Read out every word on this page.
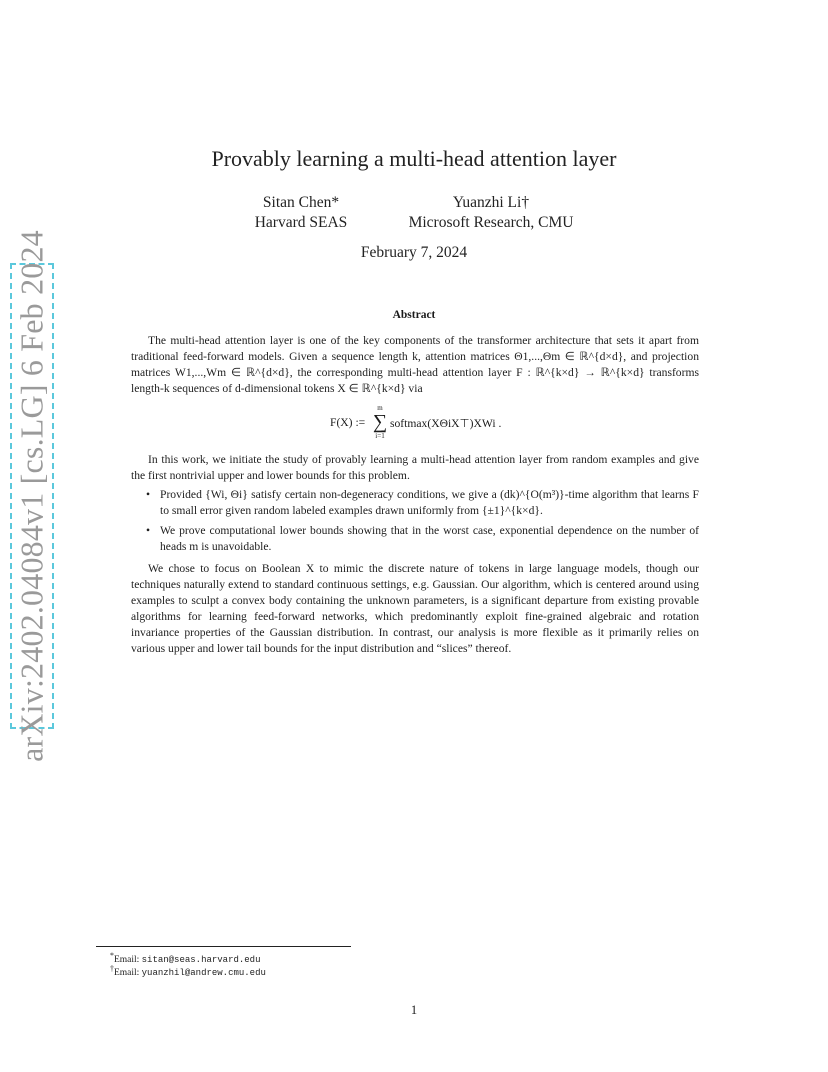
arXiv:2402.04084v1 [cs.LG] 6 Feb 2024
Provably learning a multi-head attention layer
Sitan Chen*
Harvard SEAS
Yuanzhi Li†
Microsoft Research, CMU
February 7, 2024
Abstract
The multi-head attention layer is one of the key components of the transformer architecture that sets it apart from traditional feed-forward models. Given a sequence length k, attention matrices Θ1,...,Θm ∈ ℝ^{d×d}, and projection matrices W1,...,Wm ∈ ℝ^{d×d}, the corresponding multi-head attention layer F : ℝ^{k×d} → ℝ^{k×d} transforms length-k sequences of d-dimensional tokens X ∈ ℝ^{k×d} via
F(X) :=
m
∑
i=1
softmax(XΘiX⊤)XWi .
In this work, we initiate the study of provably learning a multi-head attention layer from random examples and give the first nontrivial upper and lower bounds for this problem.
• Provided {Wi, Θi} satisfy certain non-degeneracy conditions, we give a (dk)^{O(m³)}-time algorithm that learns F to small error given random labeled examples drawn uniformly from {±1}^{k×d}.
• We prove computational lower bounds showing that in the worst case, exponential dependence on the number of heads m is unavoidable.
We chose to focus on Boolean X to mimic the discrete nature of tokens in large language models, though our techniques naturally extend to standard continuous settings, e.g. Gaussian. Our algorithm, which is centered around using examples to sculpt a convex body containing the unknown parameters, is a significant departure from existing provable algorithms for learning feed-forward networks, which predominantly exploit fine-grained algebraic and rotation invariance properties of the Gaussian distribution. In contrast, our analysis is more flexible as it primarily relies on various upper and lower tail bounds for the input distribution and “slices” thereof.
*Email: sitan@seas.harvard.edu
†Email: yuanzhil@andrew.cmu.edu
1
